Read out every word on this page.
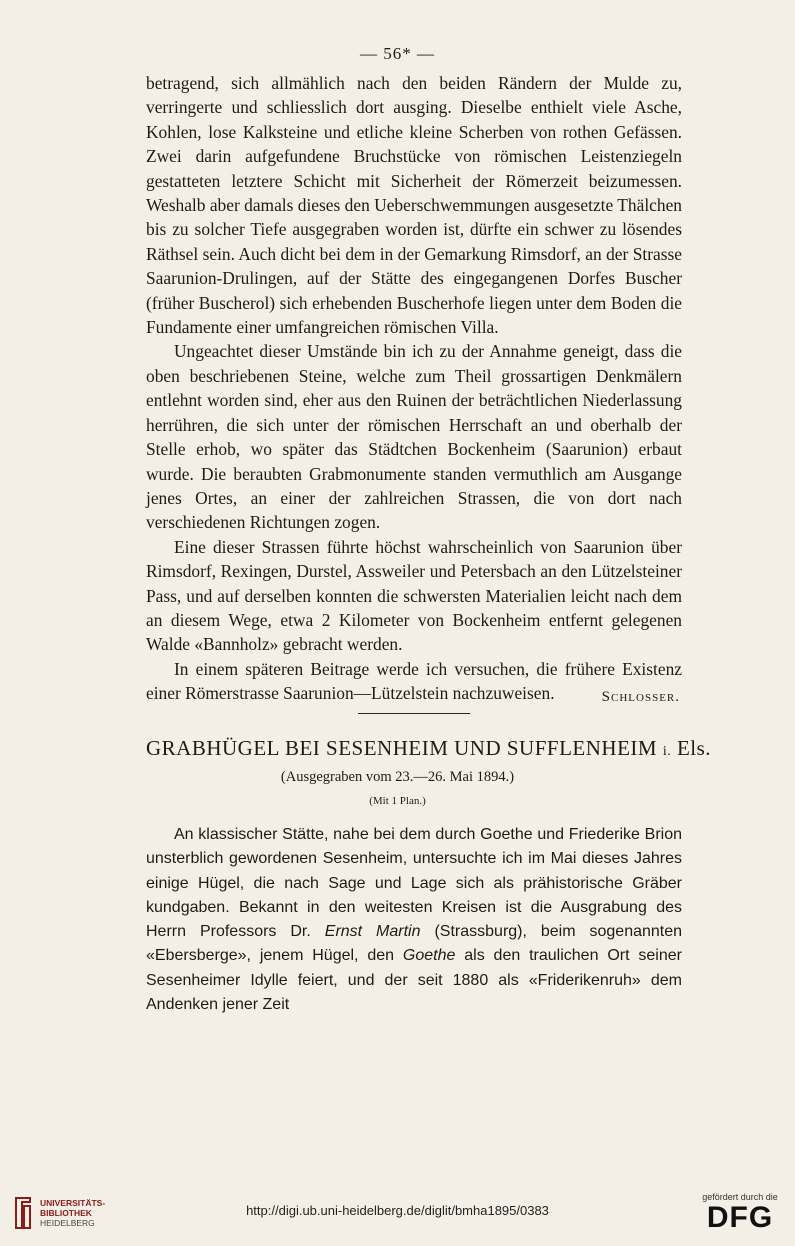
— 56* —

betragend, sich allmählich nach den beiden Rändern der Mulde zu, verringerte und schliesslich dort ausging. Dieselbe enthielt viele Asche, Kohlen, lose Kalksteine und etliche kleine Scherben von rothen Gefässen. Zwei darin aufgefundene Bruchstücke von römischen Leistenziegeln gestatteten letztere Schicht mit Sicherheit der Römerzeit beizumessen. Weshalb aber damals dieses den Ueberschwemmungen ausgesetzte Thälchen bis zu solcher Tiefe ausgegraben worden ist, dürfte ein schwer zu lösendes Räthsel sein. Auch dicht bei dem in der Gemarkung Rimsdorf, an der Strasse Saarunion-Drulingen, auf der Stätte des eingegangenen Dorfes Buscher (früher Buscherol) sich erhebenden Buscherhofe liegen unter dem Boden die Fundamente einer umfangreichen römischen Villa.

Ungeachtet dieser Umstände bin ich zu der Annahme geneigt, dass die oben beschriebenen Steine, welche zum Theil grossartigen Denkmälern entlehnt worden sind, eher aus den Ruinen der beträchtlichen Niederlassung herrühren, die sich unter der römischen Herrschaft an und oberhalb der Stelle erhob, wo später das Städtchen Bockenheim (Saarunion) erbaut wurde. Die beraubten Grabmonumente standen vermuthlich am Ausgange jenes Ortes, an einer der zahlreichen Strassen, die von dort nach verschiedenen Richtungen zogen.

Eine dieser Strassen führte höchst wahrscheinlich von Saarunion über Rimsdorf, Rexingen, Durstel, Assweiler und Petersbach an den Lützelsteiner Pass, und auf derselben konnten die schwersten Materialien leicht nach dem an diesem Wege, etwa 2 Kilometer von Bockenheim entfernt gelegenen Walde «Bannholz» gebracht werden.

In einem späteren Beitrage werde ich versuchen, die frühere Existenz einer Römerstrasse Saarunion—Lützelstein nachzuweisen.	Schlosser.
GRABHÜGEL BEI SESENHEIM UND SUFFLENHEIM i. Els.
(Ausgegraben vom 23.—26. Mai 1894.)
(Mit 1 Plan.)

An klassischer Stätte, nahe bei dem durch Goethe und Friederike Brion unsterblich gewordenen Sesenheim, untersuchte ich im Mai dieses Jahres einige Hügel, die nach Sage und Lage sich als prähistorische Gräber kundgaben. Bekannt in den weitesten Kreisen ist die Ausgrabung des Herrn Professors Dr. Ernst Martin (Strassburg), beim sogenannten «Ebersberge», jenem Hügel, den Goethe als den traulichen Ort seiner Sesenheimer Idylle feiert, und der seit 1880 als «Friderikenruh» dem Andenken jener Zeit

UNIVERSITÄTS-
BIBLIOTHEK
HEIDELBERG
http://digi.ub.uni-heidelberg.de/diglit/bmha1895/0383
gefördert durch die
DFG
